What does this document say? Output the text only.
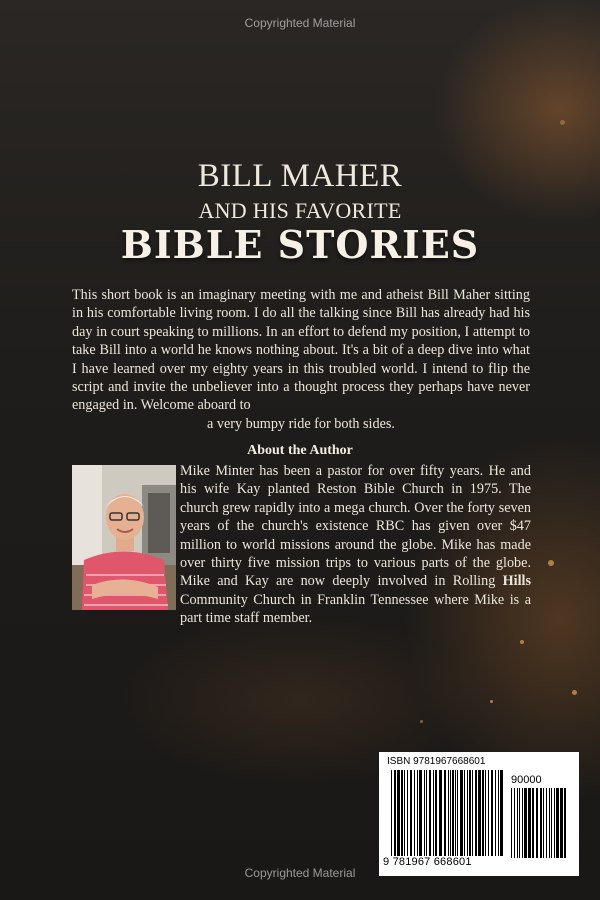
Copyrighted Material
BILL MAHER
AND HIS FAVORITE
BIBLE STORIES
This short book is an imaginary meeting with me and atheist Bill Maher sitting in his comfortable living room. I do all the talking since Bill has already had his day in court speaking to millions. In an effort to defend my position, I attempt to take Bill into a world he knows nothing about. It's a bit of a deep dive into what I have learned over my eighty years in this troubled world. I intend to flip the script and invite the unbeliever into a thought process they perhaps have never engaged in. Welcome aboard to
a very bumpy ride for both sides.
About the Author
Mike Minter has been a pastor for over fifty years. He and his wife Kay planted Reston Bible Church in 1975. The church grew rapidly into a mega church. Over the forty seven years of the church's existence RBC has given over $47 million to world missions around the globe. Mike has made over thirty five mission trips to various parts of the globe. Mike and Kay are now deeply involved in Rolling Hills Community Church in Franklin Tennessee where Mike is a part time staff member.
ISBN 9781967668601
90000
9 781967 668601
Copyrighted Material
